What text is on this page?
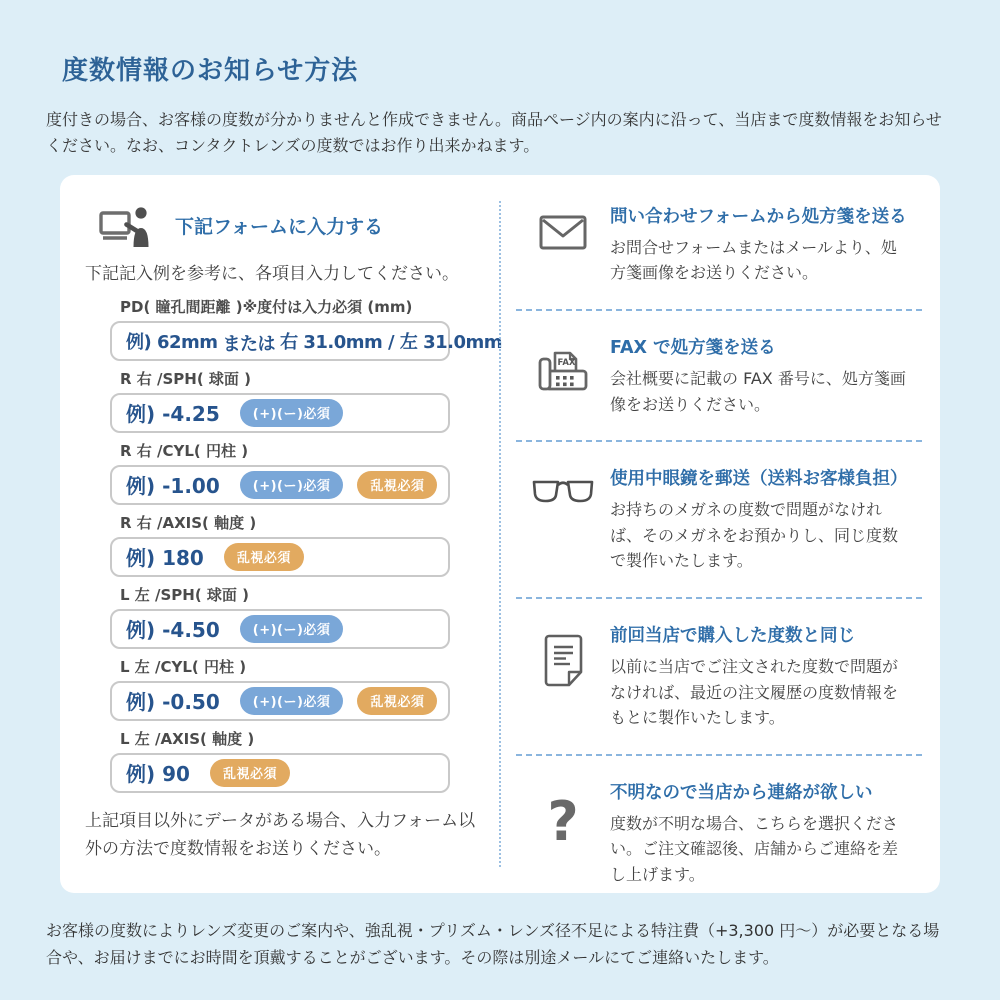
度数情報のお知らせ方法

度付きの場合、お客様の度数が分かりませんと作成できません。商品ページ内の案内に沿って、当店まで度数情報をお知らせください。なお、コンタクトレンズの度数ではお作り出来かねます。

下記フォームに入力する

下記記入例を参考に、各項目入力してください。

PD( 瞳孔間距離 )※度付は入力必須 (mm)
例) 62mm または 右 31.0mm / 左 31.0mm
R 右 /SPH( 球面 )
例) -4.25	(+)(ー)必須
R 右 /CYL( 円柱 )
例) -1.00	(+)(ー)必須	乱視必須
R 右 /AXIS( 軸度 )
例) 180	乱視必須
L 左 /SPH( 球面 )
例) -4.50	(+)(ー)必須
L 左 /CYL( 円柱 )
例) -0.50	(+)(ー)必須	乱視必須
L 左 /AXIS( 軸度 )
例) 90	乱視必須

上記項目以外にデータがある場合、入力フォーム以外の方法で度数情報をお送りください。

問い合わせフォームから処方箋を送る

お問合せフォームまたはメールより、処方箋画像をお送りください。

FAX
FAX で処方箋を送る

会社概要に記載の FAX 番号に、処方箋画像をお送りください。

使用中眼鏡を郵送（送料お客様負担）

お持ちのメガネの度数で問題がなければ、そのメガネをお預かりし、同じ度数で製作いたします。

前回当店で購入した度数と同じ

以前に当店でご注文された度数で問題がなければ、最近の注文履歴の度数情報をもとに製作いたします。

? 不明なので当店から連絡が欲しい

度数が不明な場合、こちらを選択ください。ご注文確認後、店舗からご連絡を差し上げます。

お客様の度数によりレンズ変更のご案内や、強乱視・プリズム・レンズ径不足による特注費（+3,300 円〜）が必要となる場合や、お届けまでにお時間を頂戴することがございます。その際は別途メールにてご連絡いたします。
